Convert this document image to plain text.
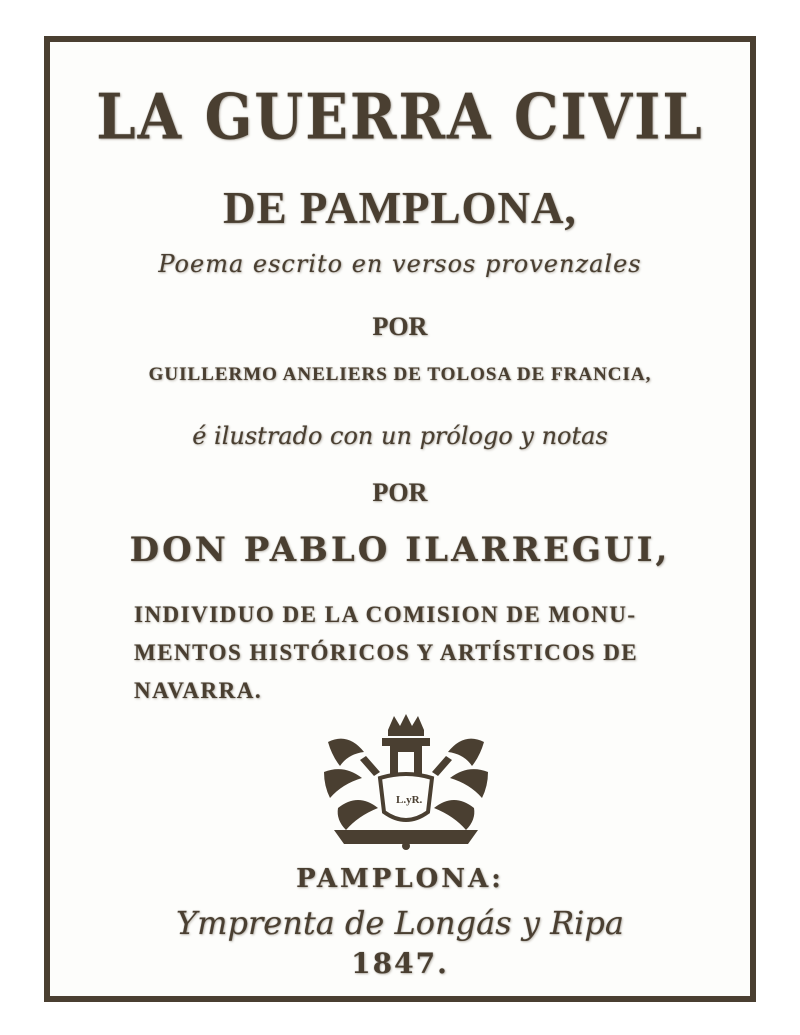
LA GUERRA CIVIL
DE PAMPLONA,
Poema escrito en versos provenzales
POR
GUILLERMO ANELIERS DE TOLOSA DE FRANCIA,
é ilustrado con un prólogo y notas
POR
DON PABLO ILARREGUI,
INDIVIDUO DE LA COMISION DE MONU-
MENTOS HISTÓRICOS Y ARTÍSTICOS DE
NAVARRA.
L.yR.
PAMPLONA:
Ymprenta de Longás y Ripa
1847.
